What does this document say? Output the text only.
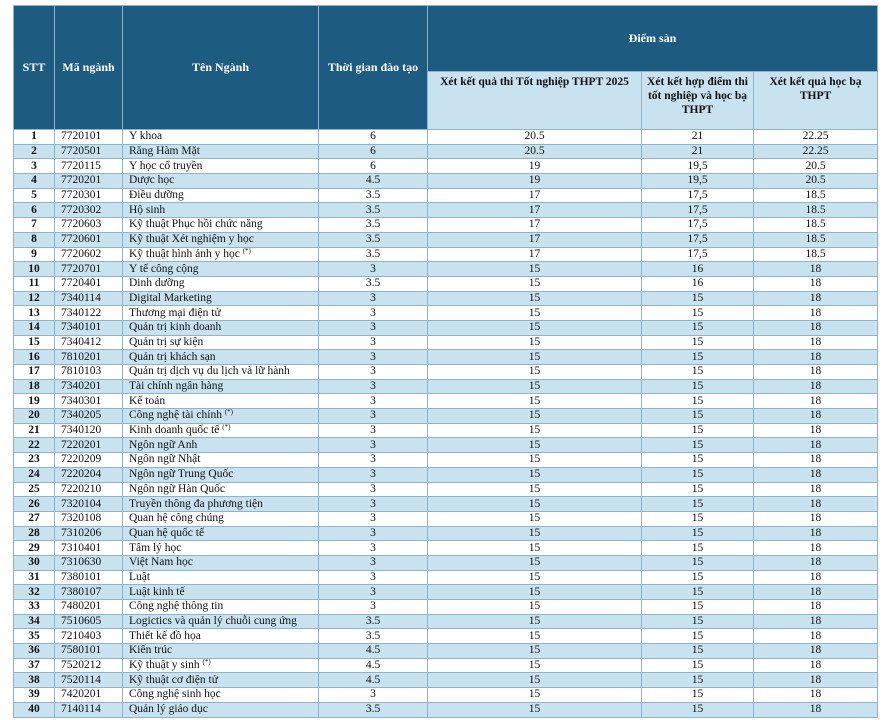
STT	Mã ngành	Tên Ngành	Thời gian đào tạo	Điểm sàn		
				Xét kết quả thi Tốt nghiệp THPT 2025	Xét kết hợp điểm thi tốt nghiệp và học bạ THPT	Xét kết quả học bạ THPT
1	7720101	Y khoa	6	20.5	21	22.25
2	7720501	Răng Hàm Mặt	6	20.5	21	22.25
3	7720115	Y học cổ truyền	6	19	19,5	20.5
4	7720201	Dược học	4.5	19	19,5	20.5
5	7720301	Điều dưỡng	3.5	17	17,5	18.5
6	7720302	Hộ sinh	3.5	17	17,5	18.5
7	7720603	Kỹ thuật Phục hồi chức năng	3.5	17	17,5	18.5
8	7720601	Kỹ thuật Xét nghiệm y học	3.5	17	17,5	18.5
9	7720602	Kỹ thuật hình ảnh y học (*)	3.5	17	17,5	18.5
10	7720701	Y tế công cộng	3	15	16	18
11	7720401	Dinh dưỡng	3.5	15	16	18
12	7340114	Digital Marketing	3	15	15	18
13	7340122	Thương mại điện tử	3	15	15	18
14	7340101	Quản trị kinh doanh	3	15	15	18
15	7340412	Quản trị sự kiện	3	15	15	18
16	7810201	Quản trị khách sạn	3	15	15	18
17	7810103	Quản trị dịch vụ du lịch và lữ hành	3	15	15	18
18	7340201	Tài chính ngân hàng	3	15	15	18
19	7340301	Kế toán	3	15	15	18
20	7340205	Công nghệ tài chính (*)	3	15	15	18
21	7340120	Kinh doanh quốc tế (*)	3	15	15	18
22	7220201	Ngôn ngữ Anh	3	15	15	18
23	7220209	Ngôn ngữ Nhật	3	15	15	18
24	7220204	Ngôn ngữ Trung Quốc	3	15	15	18
25	7220210	Ngôn ngữ Hàn Quốc	3	15	15	18
26	7320104	Truyền thông đa phương tiện	3	15	15	18
27	7320108	Quan hệ công chúng	3	15	15	18
28	7310206	Quan hệ quốc tế	3	15	15	18
29	7310401	Tâm lý học	3	15	15	18
30	7310630	Việt Nam học	3	15	15	18
31	7380101	Luật	3	15	15	18
32	7380107	Luật kinh tế	3	15	15	18
33	7480201	Công nghệ thông tin	3	15	15	18
34	7510605	Logictics và quản lý chuỗi cung ứng	3.5	15	15	18
35	7210403	Thiết kế đồ họa	3.5	15	15	18
36	7580101	Kiến trúc	4.5	15	15	18
37	7520212	Kỹ thuật y sinh (*)	4.5	15	15	18
38	7520114	Kỹ thuật cơ điện tử	4.5	15	15	18
39	7420201	Công nghệ sinh học	3	15	15	18
40	7140114	Quản lý giáo dục	3.5	15	15	18
